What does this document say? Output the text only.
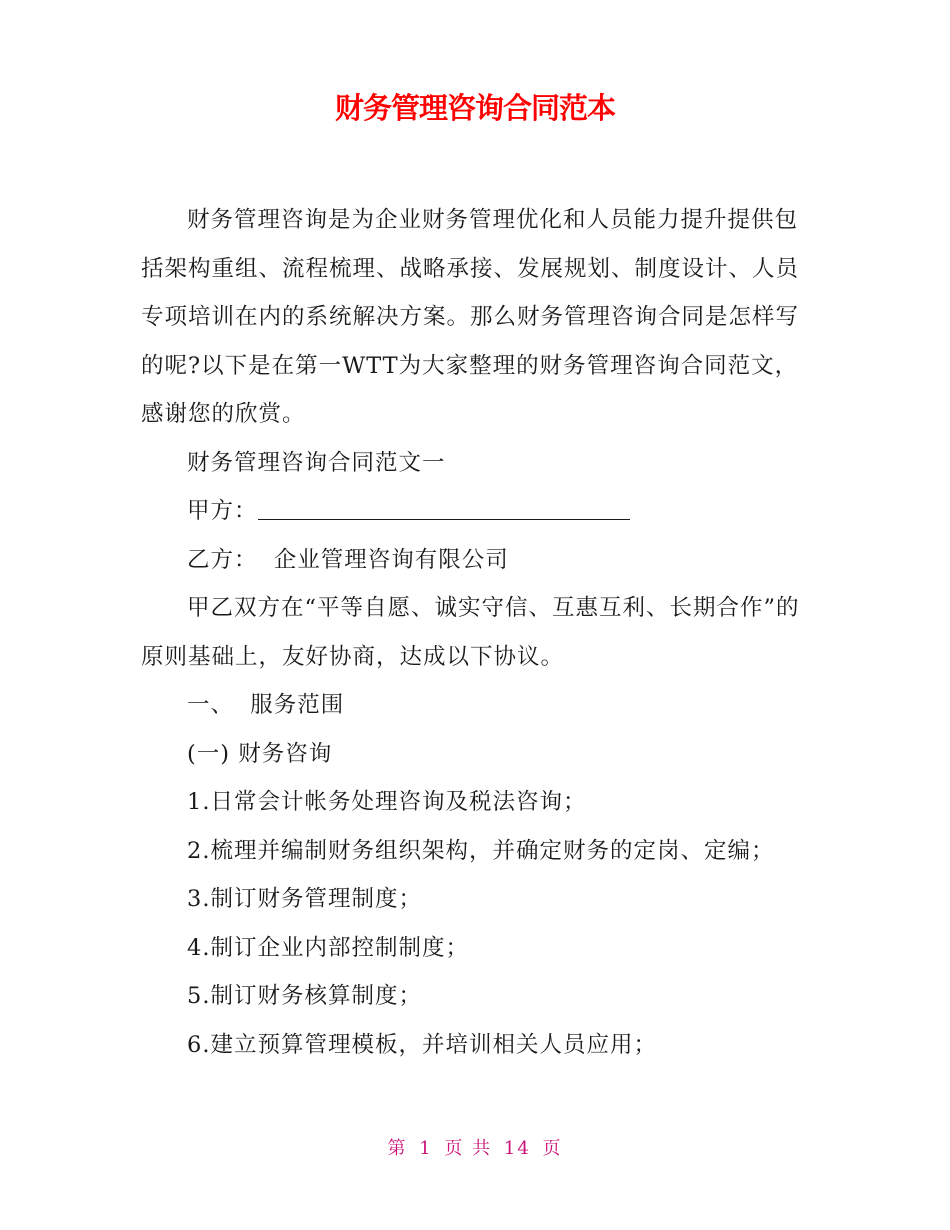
财务管理咨询合同范本

财务管理咨询是为企业财务管理优化和人员能力提升提供包括架构重组、流程梳理、战略承接、发展规划、制度设计、人员专项培训在内的系统解决方案。那么财务管理咨询合同是怎样写的呢?以下是在第一WTT为大家整理的财务管理咨询合同范文，感谢您的欣赏。

财务管理咨询合同范文一

甲方：

乙方：  企业管理咨询有限公司

甲乙双方在“平等自愿、诚实守信、互惠互利、长期合作”的原则基础上，友好协商，达成以下协议。

一、  服务范围

(一) 财务咨询

1.日常会计帐务处理咨询及税法咨询；

2.梳理并编制财务组织架构，并确定财务的定岗、定编；

3.制订财务管理制度；

4.制订企业内部控制制度；

5.制订财务核算制度；

6.建立预算管理模板，并培训相关人员应用；

第 1 页 共 14 页
